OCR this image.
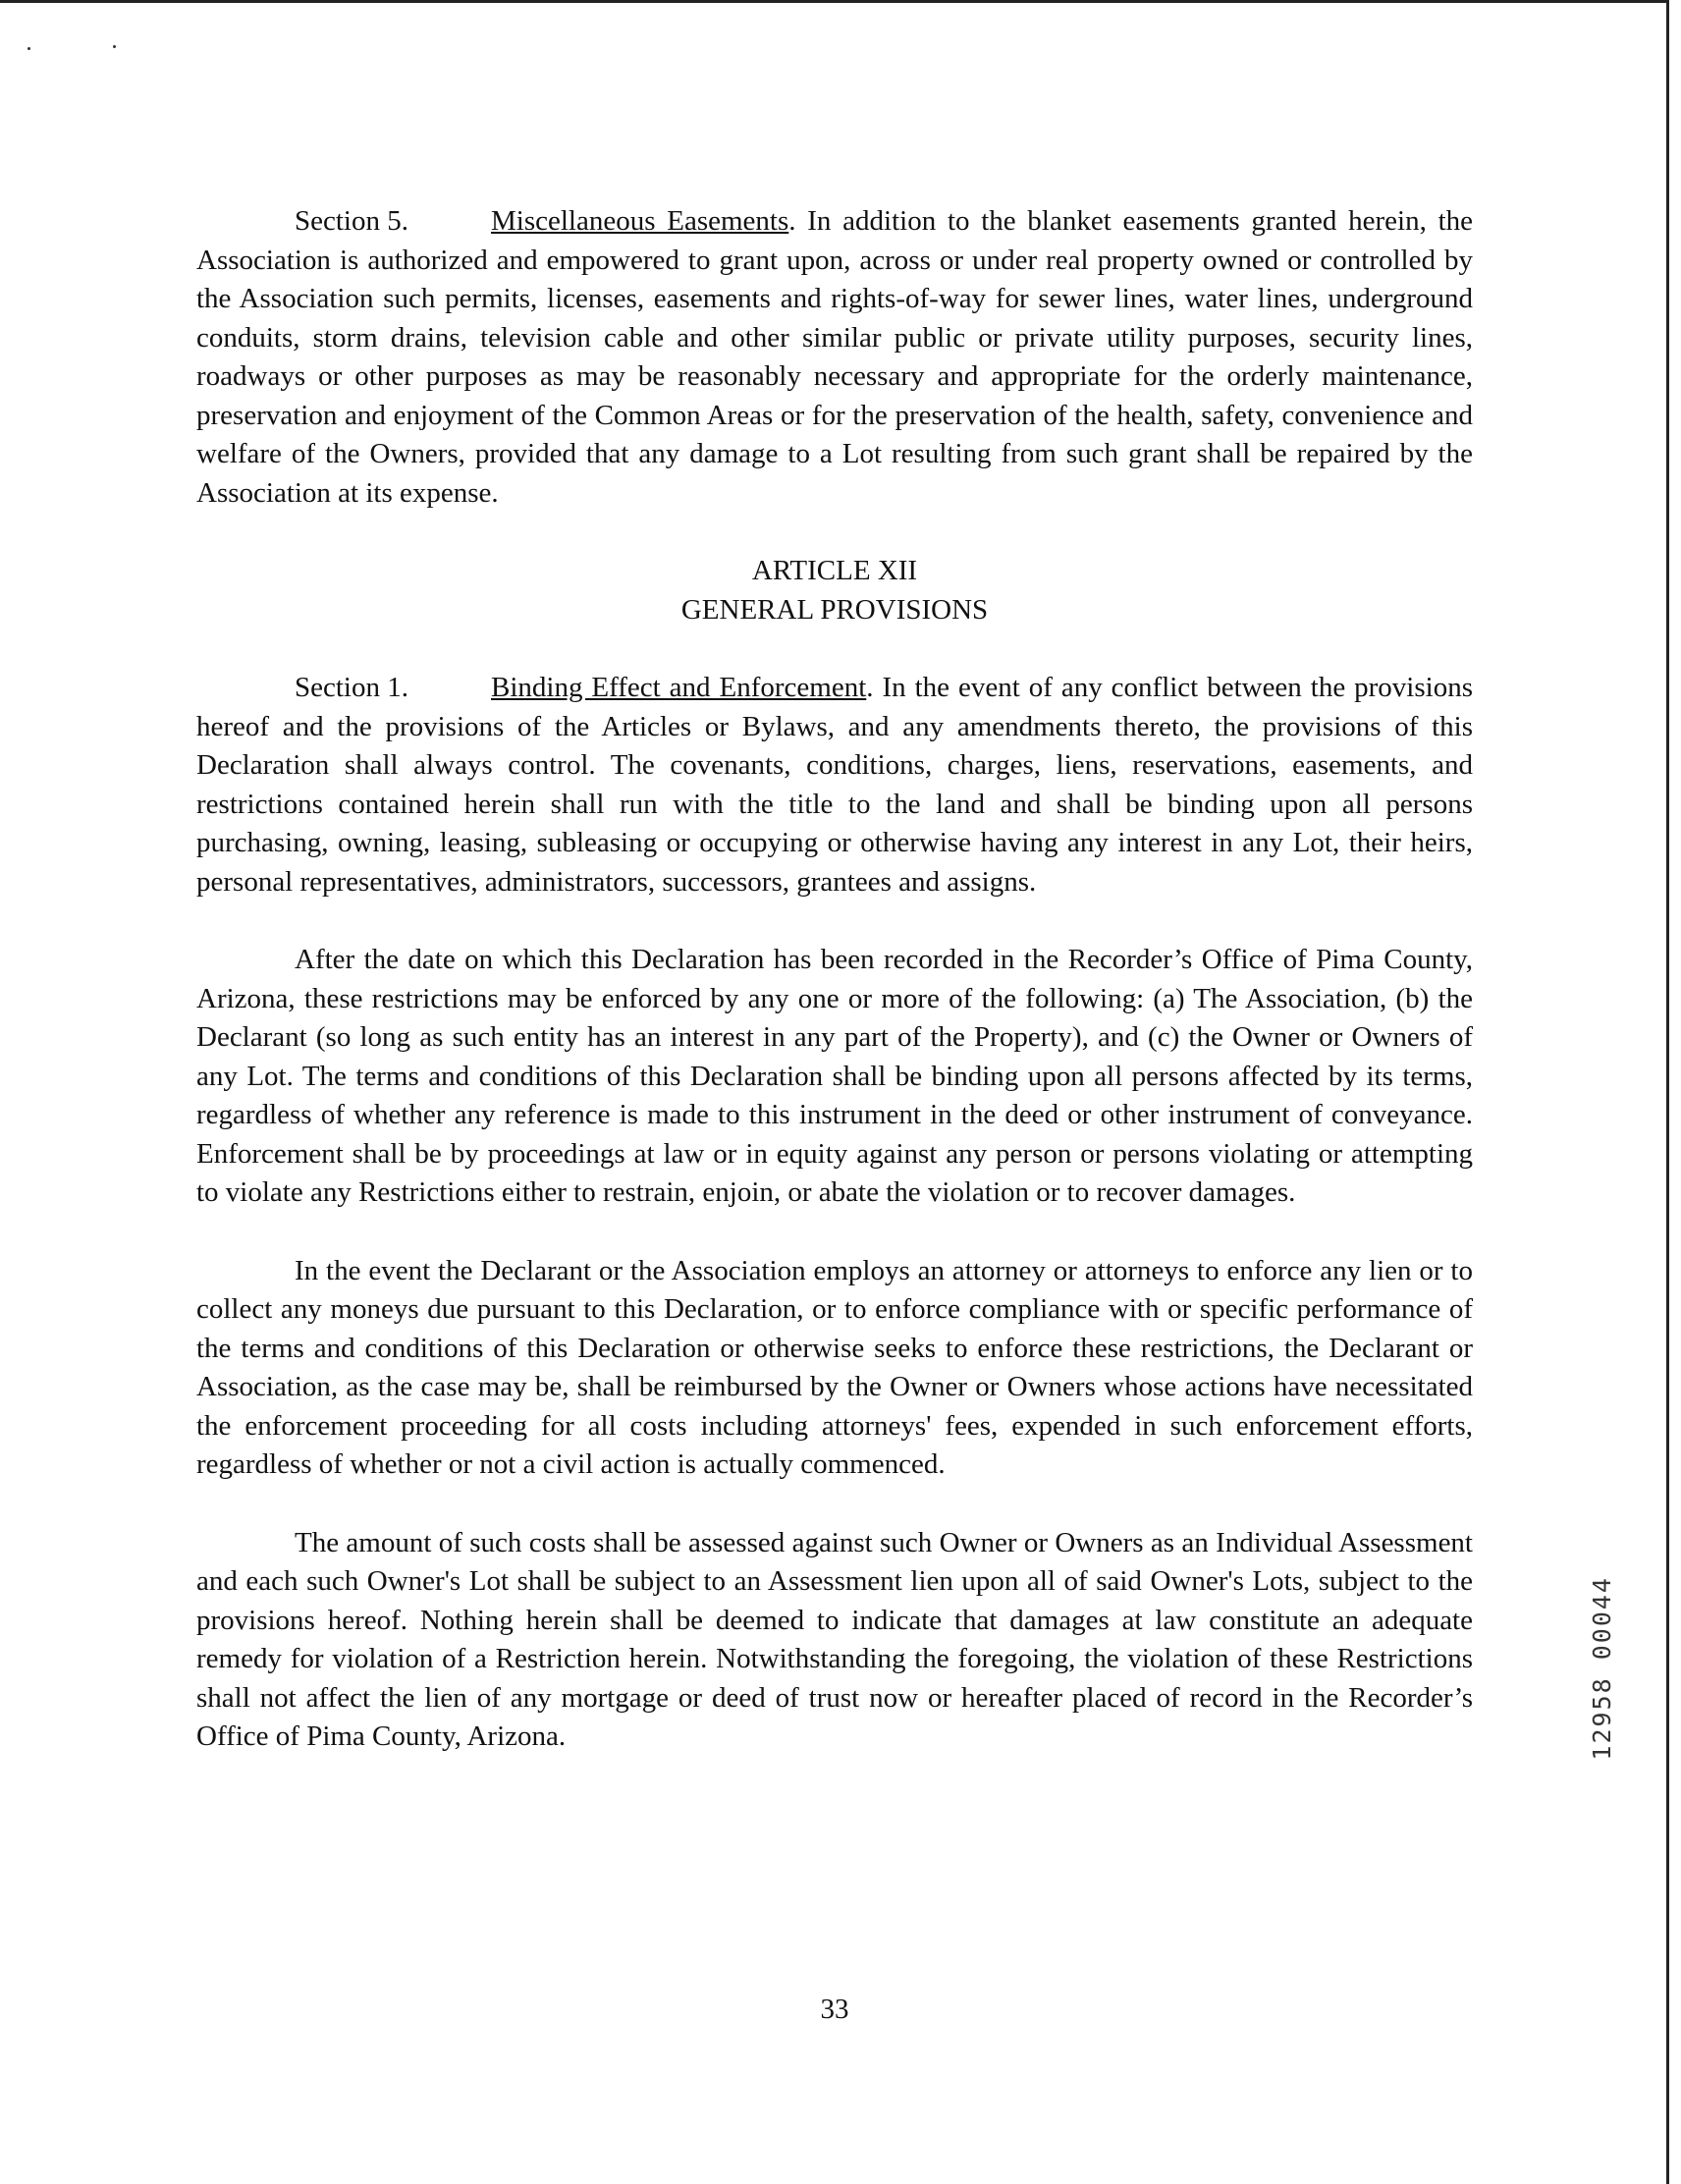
Section 5.	Miscellaneous Easements. In addition to the blanket easements granted herein, the Association is authorized and empowered to grant upon, across or under real property owned or controlled by the Association such permits, licenses, easements and rights-of-way for sewer lines, water lines, underground conduits, storm drains, television cable and other similar public or private utility purposes, security lines, roadways or other purposes as may be reasonably necessary and appropriate for the orderly maintenance, preservation and enjoyment of the Common Areas or for the preservation of the health, safety, convenience and welfare of the Owners, provided that any damage to a Lot resulting from such grant shall be repaired by the Association at its expense.

ARTICLE XII
GENERAL PROVISIONS

Section 1.	Binding Effect and Enforcement. In the event of any conflict between the provisions hereof and the provisions of the Articles or Bylaws, and any amendments thereto, the provisions of this Declaration shall always control. The covenants, conditions, charges, liens, reservations, easements, and restrictions contained herein shall run with the title to the land and shall be binding upon all persons purchasing, owning, leasing, subleasing or occupying or otherwise having any interest in any Lot, their heirs, personal representatives, administrators, successors, grantees and assigns.

After the date on which this Declaration has been recorded in the Recorder’s Office of Pima County, Arizona, these restrictions may be enforced by any one or more of the following: (a) The Association, (b) the Declarant (so long as such entity has an interest in any part of the Property), and (c) the Owner or Owners of any Lot. The terms and conditions of this Declaration shall be binding upon all persons affected by its terms, regardless of whether any reference is made to this instrument in the deed or other instrument of conveyance. Enforcement shall be by proceedings at law or in equity against any person or persons violating or attempting to violate any Restrictions either to restrain, enjoin, or abate the violation or to recover damages.

In the event the Declarant or the Association employs an attorney or attorneys to enforce any lien or to collect any moneys due pursuant to this Declaration, or to enforce compliance with or specific performance of the terms and conditions of this Declaration or otherwise seeks to enforce these restrictions, the Declarant or Association, as the case may be, shall be reimbursed by the Owner or Owners whose actions have necessitated the enforcement proceeding for all costs including attorneys' fees, expended in such enforcement efforts, regardless of whether or not a civil action is actually commenced.

The amount of such costs shall be assessed against such Owner or Owners as an Individual Assessment and each such Owner's Lot shall be subject to an Assessment lien upon all of said Owner's Lots, subject to the provisions hereof. Nothing herein shall be deemed to indicate that damages at law constitute an adequate remedy for violation of a Restriction herein. Notwithstanding the foregoing, the violation of these Restrictions shall not affect the lien of any mortgage or deed of trust now or hereafter placed of record in the Recorder’s Office of Pima County, Arizona.

33
12958 00044
